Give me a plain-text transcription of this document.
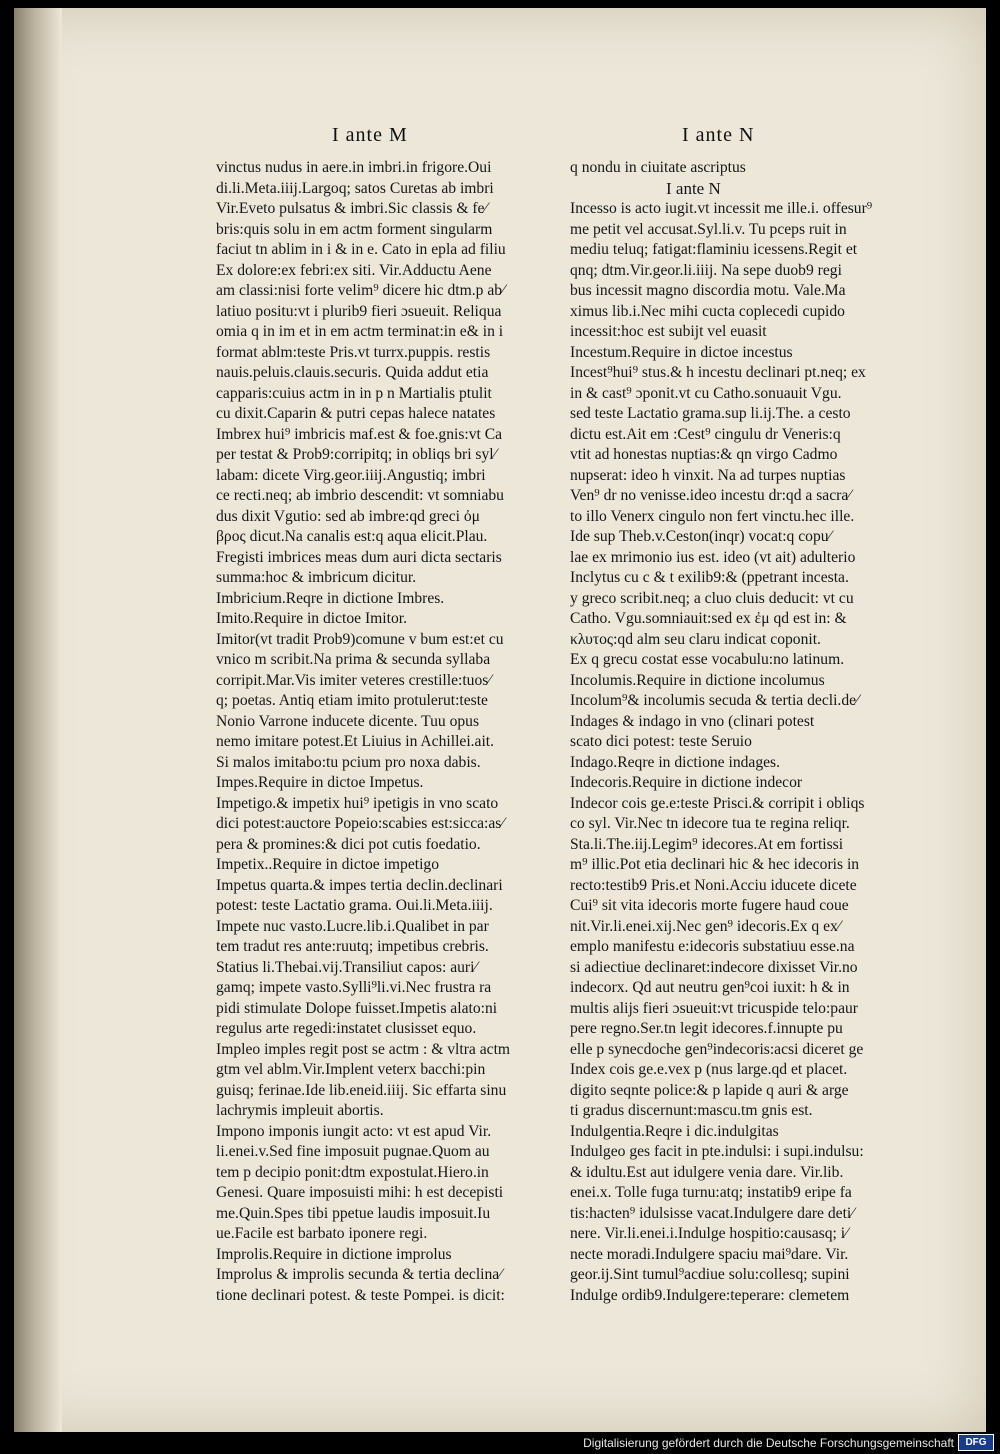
I ante M	I ante N
vinctus nudus in aere.in imbri.in frigore.Oui
di.li.Meta.iiij.Largoq; satos Curetas ab imbri
Vir.Eveto pulsatus & imbri.Sic classis & fe⁄
bris:quis solu in em actm forment singularm
faciut tn ablim in i & in e. Cato in epla ad filiu
Ex dolore:ex febri:ex siti. Vir.Adductu Aene
am classi:nisi forte velim⁹ dicere hic dtm.p ab⁄
latiuo positu:vt i plurib9 fieri ɔsueuit. Reliqua
omia q in im et in em actm terminat:in e& in i
format ablm:teste Pris.vt turrx.puppis. restis
nauis.peluis.clauis.securis. Quida addut etia
capparis:cuius actm in in p n Martialis ptulit
cu dixit.Caparin & putri cepas halece natates
Imbrex hui⁹ imbricis maf.est & foe.gnis:vt Ca
per testat & Prob9:corripitq; in obliqs bri syl⁄
labam: dicete Virg.geor.iiij.Angustiq; imbri
ce recti.neq; ab imbrio descendit: vt somniabu
dus dixit Vgutio: sed ab imbre:qd greci ὀμ
βρος dicut.Na canalis est:q aqua elicit.Plau.
Fregisti imbrices meas dum auri dicta sectaris
summa:hoc & imbricum dicitur.
Imbricium.Reqre in dictione Imbres.
Imito.Require in dictoe Imitor.
Imitor(vt tradit Prob9)comune v bum est:et cu
vnico m scribit.Na prima & secunda syllaba
corripit.Mar.Vis imiter veteres crestille:tuos⁄
q; poetas. Antiq etiam imito protulerut:teste
Nonio Varrone inducete dicente. Tuu opus
nemo imitare potest.Et Liuius in Achillei.ait.
Si malos imitabo:tu pcium pro noxa dabis.
Impes.Require in dictoe Impetus.
Impetigo.& impetix hui⁹ ipetigis in vno scato
dici potest:auctore Popeio:scabies est:sicca:as⁄
pera & promines:& dici pot cutis foedatio.
Impetix..Require in dictoe impetigo
Impetus quarta.& impes tertia declin.declinari
potest: teste Lactatio grama. Oui.li.Meta.iiij.
Impete nuc vasto.Lucre.lib.i.Qualibet in par
tem tradut res ante:ruutq; impetibus crebris.
Statius li.Thebai.vij.Transiliut capos: auri⁄
gamq; impete vasto.Sylli⁹li.vi.Nec frustra ra
pidi stimulate Dolope fuisset.Impetis alato:ni
regulus arte regedi:instatet clusisset equo.
Impleo imples regit post se actm : & vltra actm
gtm vel ablm.Vir.Implent veterx bacchi:pin
guisq; ferinae.Ide lib.eneid.iiij. Sic effarta sinu
lachrymis impleuit abortis.
Impono imponis iungit acto: vt est apud Vir.
li.enei.v.Sed fine imposuit pugnae.Quom au
tem p decipio ponit:dtm expostulat.Hiero.in
Genesi. Quare imposuisti mihi: h est decepisti
me.Quin.Spes tibi ppetue laudis imposuit.Iu
ue.Facile est barbato iponere regi.
Improlis.Require in dictione improlus
Improlus & improlis secunda & tertia declina⁄
tione declinari potest. & teste Pompei. is dicit:
q nondu in ciuitate ascriptus
I ante N
Incesso is acto iugit.vt incessit me ille.i. offesur⁹
me petit vel accusat.Syl.li.v. Tu pceps ruit in
mediu teluq; fatigat:flaminiu icessens.Regit et
qnq; dtm.Vir.geor.li.iiij. Na sepe duob9 regi
bus incessit magno discordia motu. Vale.Ma
ximus lib.i.Nec mihi cucta coplecedi cupido
incessit:hoc est subijt vel euasit
Incestum.Require in dictoe incestus
Incest⁹hui⁹ stus.& h incestu declinari pt.neq; ex
in & cast⁹ ɔponit.vt cu Catho.sonuauit Vgu.
sed teste Lactatio grama.sup li.ij.The. a cesto
dictu est.Ait em :Cest⁹ cingulu dr Veneris:q
vtit ad honestas nuptias:& qn virgo Cadmo
nupserat: ideo h vinxit. Na ad turpes nuptias
Ven⁹ dr no venisse.ideo incestu dr:qd a sacra⁄
to illo Venerx cingulo non fert vinctu.hec ille.
Ide sup Theb.v.Ceston(inqr) vocat:q copu⁄
lae ex mrimonio ius est. ideo (vt ait) adulterio
Inclytus cu c & t exilib9:& (ppetrant incesta.
y greco scribit.neq; a cluo cluis deducit: vt cu
Catho. Vgu.somniauit:sed ex ἐμ qd est in: &
κλυτος:qd alm seu claru indicat coponit.
Ex q grecu costat esse vocabulu:no latinum.
Incolumis.Require in dictione incolumus
Incolum⁹& incolumis secuda & tertia decli.de⁄
Indages & indago in vno (clinari potest
scato dici potest: teste Seruio
Indago.Reqre in dictione indages.
Indecoris.Require in dictione indecor
Indecor cois ge.e:teste Prisci.& corripit i obliqs
co syl. Vir.Nec tn idecore tua te regina reliqr.
Sta.li.The.iij.Legim⁹ idecores.At em fortissi
m⁹ illic.Pot etia declinari hic & hec idecoris in
recto:testib9 Pris.et Noni.Acciu iducete dicete
Cui⁹ sit vita idecoris morte fugere haud coue
nit.Vir.li.enei.xij.Nec gen⁹ idecoris.Ex q ex⁄
emplo manifestu e:idecoris substatiuu esse.na
si adiectiue declinaret:indecore dixisset Vir.no
indecorx. Qd aut neutru gen⁹coi iuxit: h & in
multis alijs fieri ɔsueuit:vt tricuspide telo:paur
pere regno.Ser.tn legit idecores.f.innupte pu
elle p synecdoche gen⁹indecoris:acsi diceret ge
Index cois ge.e.vex p (nus large.qd et placet.
digito seqnte police:& p lapide q auri & arge
ti gradus discernunt:mascu.tm gnis est.
Indulgentia.Reqre i dic.indulgitas
Indulgeo ges facit in pte.indulsi: i supi.indulsu:
& idultu.Est aut idulgere venia dare. Vir.lib.
enei.x. Tolle fuga turnu:atq; instatib9 eripe fa
tis:hacten⁹ idulsisse vacat.Indulgere dare deti⁄
nere. Vir.li.enei.i.Indulge hospitio:causasq; i⁄
necte moradi.Indulgere spaciu mai⁹dare. Vir.
geor.ij.Sint tumul⁹acdiue solu:collesq; supini
Indulge ordib9.Indulgere:teperare: clemetem
Digitalisierung gefördert durch die Deutsche Forschungsgemeinschaft	DFG
